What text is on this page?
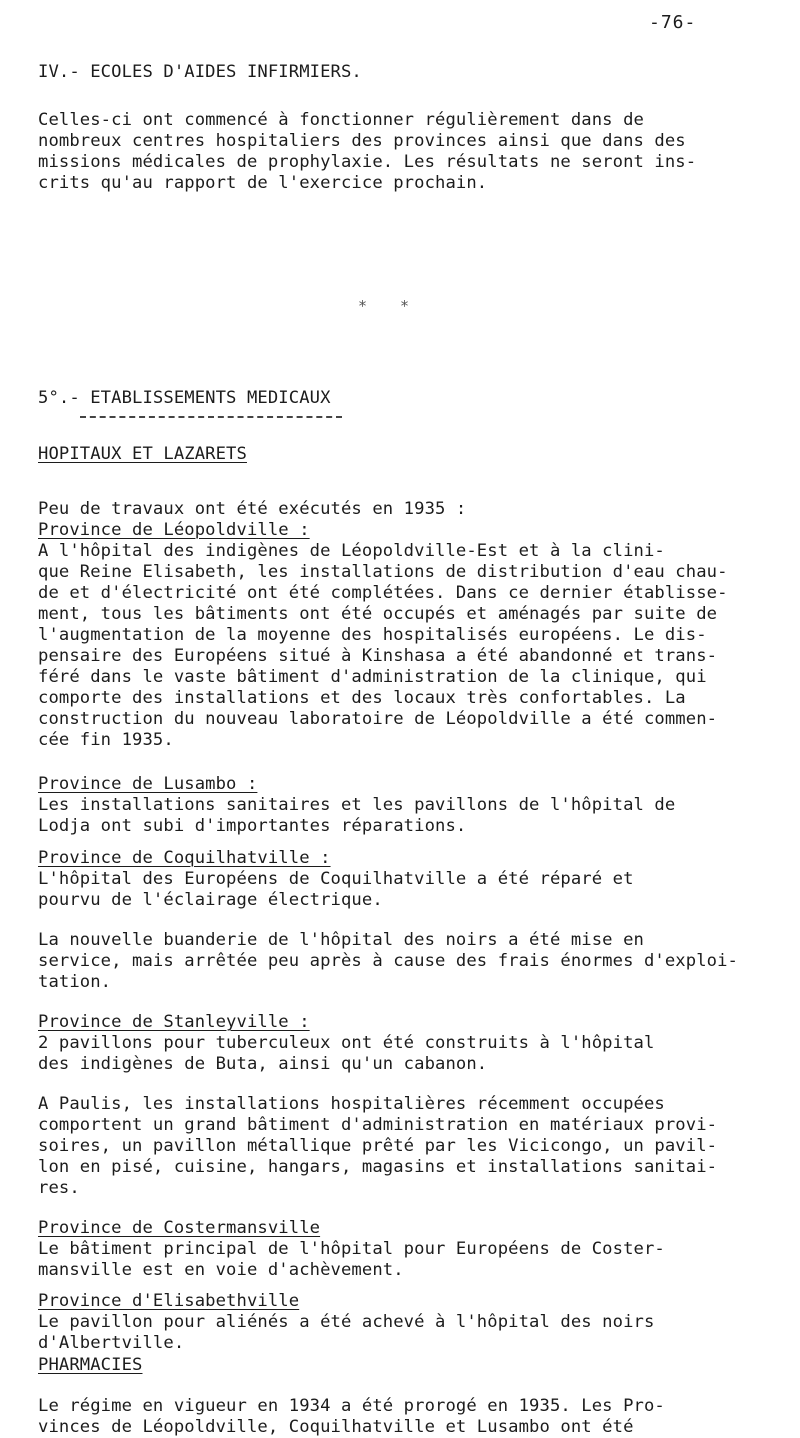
-76-
IV.- ECOLES D'AIDES INFIRMIERS.
Celles-ci ont commencé à fonctionner régulièrement dans de
nombreux centres hospitaliers des provinces ainsi que dans des
missions médicales de prophylaxie. Les résultats ne seront ins-
crits qu'au rapport de l'exercice prochain.
* *
5°.- ETABLISSEMENTS MEDICAUX
HOPITAUX ET LAZARETS
Peu de travaux ont été exécutés en 1935 :
Province de Léopoldville :
A l'hôpital des indigènes de Léopoldville-Est et à la clini-
que Reine Elisabeth, les installations de distribution d'eau chau-
de et d'électricité ont été complétées. Dans ce dernier établisse-
ment, tous les bâtiments ont été occupés et aménagés par suite de
l'augmentation de la moyenne des hospitalisés européens. Le dis-
pensaire des Européens situé à Kinshasa a été abandonné et trans-
féré dans le vaste bâtiment d'administration de la clinique, qui
comporte des installations et des locaux très confortables. La
construction du nouveau laboratoire de Léopoldville a été commen-
cée fin 1935.
Province de Lusambo :
Les installations sanitaires et les pavillons de l'hôpital de
Lodja ont subi d'importantes réparations.
Province de Coquilhatville :
L'hôpital des Européens de Coquilhatville a été réparé et
pourvu de l'éclairage électrique.
La nouvelle buanderie de l'hôpital des noirs a été mise en
service, mais arrêtée peu après à cause des frais énormes d'exploi-
tation.
Province de Stanleyville :
2 pavillons pour tuberculeux ont été construits à l'hôpital
des indigènes de Buta, ainsi qu'un cabanon.
A Paulis, les installations hospitalières récemment occupées
comportent un grand bâtiment d'administration en matériaux provi-
soires, un pavillon métallique prêté par les Vicicongo, un pavil-
lon en pisé, cuisine, hangars, magasins et installations sanitai-
res.
Province de Costermansville
Le bâtiment principal de l'hôpital pour Européens de Coster-
mansville est en voie d'achèvement.
Province d'Elisabethville
Le pavillon pour aliénés a été achevé à l'hôpital des noirs
d'Albertville.
PHARMACIES
Le régime en vigueur en 1934 a été prorogé en 1935. Les Pro-
vinces de Léopoldville, Coquilhatville et Lusambo ont été
